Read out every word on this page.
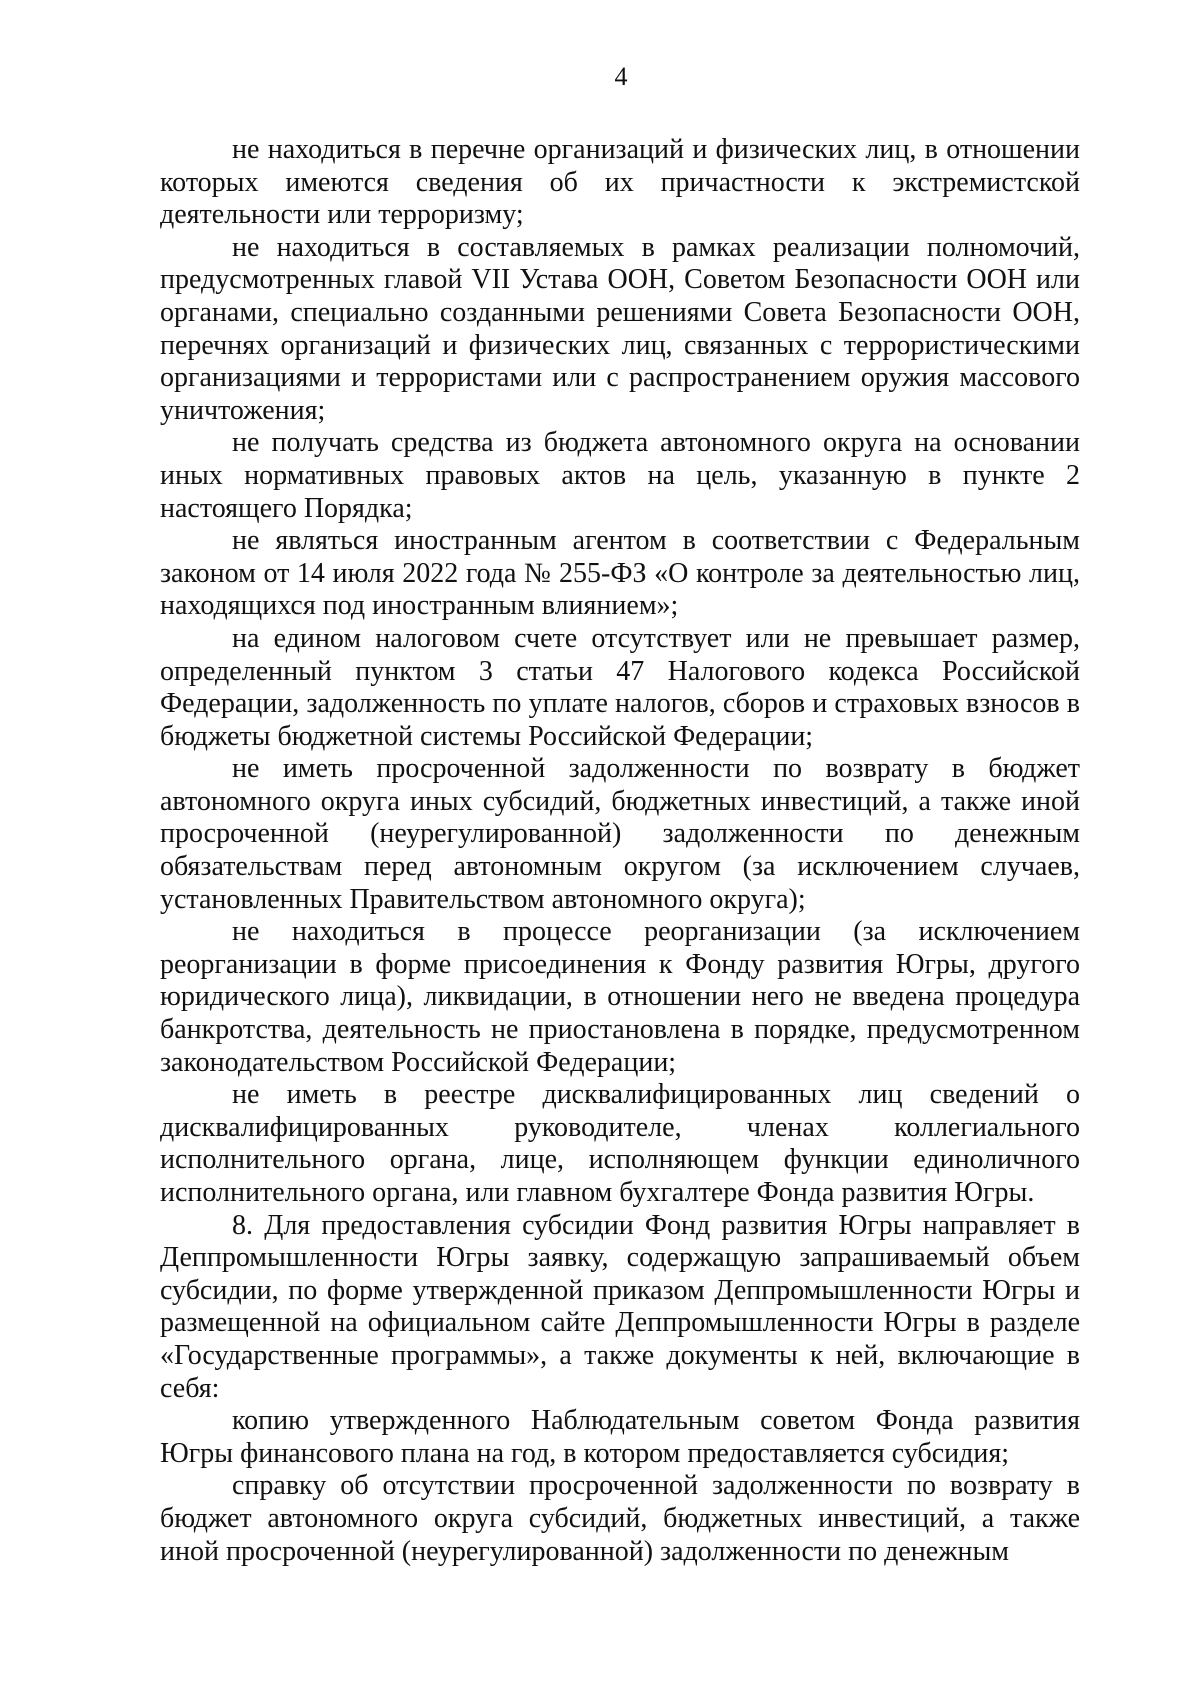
4

не находиться в перечне организаций и физических лиц, в отношении которых имеются сведения об их причастности к экстремистской деятельности или терроризму;

не находиться в составляемых в рамках реализации полномочий, предусмотренных главой VII Устава ООН, Советом Безопасности ООН или органами, специально созданными решениями Совета Безопасности ООН, перечнях организаций и физических лиц, связанных с террористическими организациями и террористами или с распространением оружия массового уничтожения;

не получать средства из бюджета автономного округа на основании иных нормативных правовых актов на цель, указанную в пункте 2 настоящего Порядка;

не являться иностранным агентом в соответствии с Федеральным законом от 14 июля 2022 года № 255-ФЗ «О контроле за деятельностью лиц, находящихся под иностранным влиянием»;

на едином налоговом счете отсутствует или не превышает размер, определенный пунктом 3 статьи 47 Налогового кодекса Российской Федерации, задолженность по уплате налогов, сборов и страховых взносов в бюджеты бюджетной системы Российской Федерации;

не иметь просроченной задолженности по возврату в бюджет автономного округа иных субсидий, бюджетных инвестиций, а также иной просроченной (неурегулированной) задолженности по денежным обязательствам перед автономным округом (за исключением случаев, установленных Правительством автономного округа);

не находиться в процессе реорганизации (за исключением реорганизации в форме присоединения к Фонду развития Югры, другого юридического лица), ликвидации, в отношении него не введена процедура банкротства, деятельность не приостановлена в порядке, предусмотренном законодательством Российской Федерации;

не иметь в реестре дисквалифицированных лиц сведений о дисквалифицированных руководителе, членах коллегиального исполнительного органа, лице, исполняющем функции единоличного исполнительного органа, или главном бухгалтере Фонда развития Югры.

8. Для предоставления субсидии Фонд развития Югры направляет в Деппромышленности Югры заявку, содержащую запрашиваемый объем субсидии, по форме утвержденной приказом Деппромышленности Югры и размещенной на официальном сайте Деппромышленности Югры в разделе «Государственные программы», а также документы к ней, включающие в себя:

копию утвержденного Наблюдательным советом Фонда развития Югры финансового плана на год, в котором предоставляется субсидия;

справку об отсутствии просроченной задолженности по возврату в бюджет автономного округа субсидий, бюджетных инвестиций, а также иной просроченной (неурегулированной) задолженности по денежным
